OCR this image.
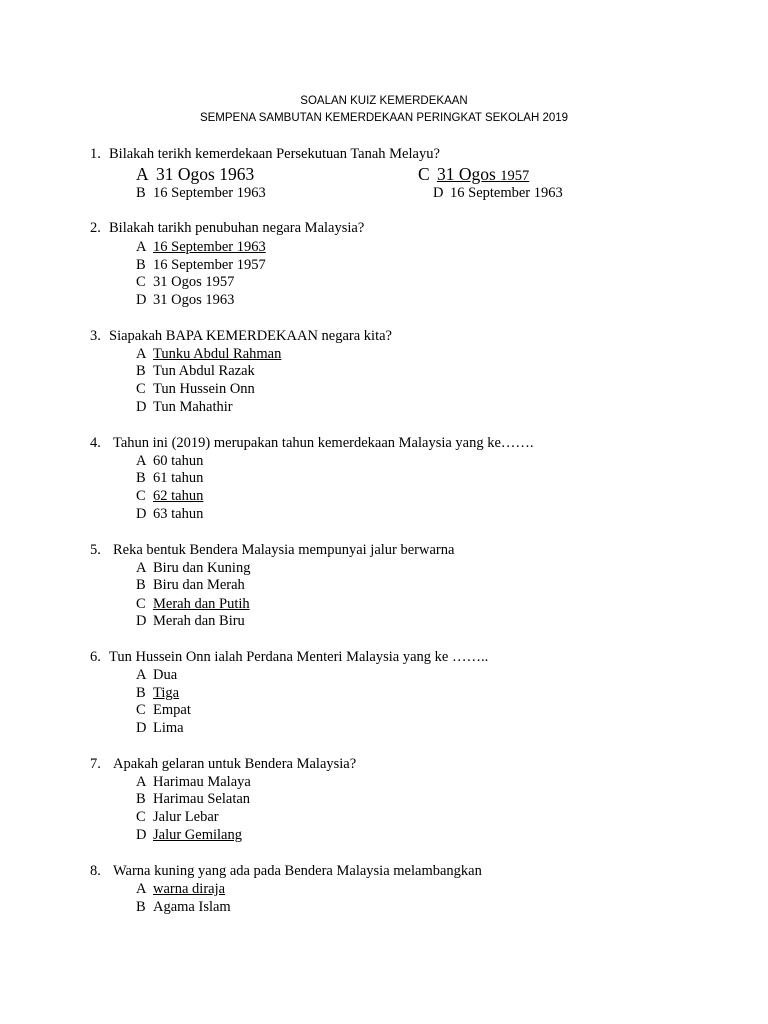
SOALAN KUIZ KEMERDEKAAN

SEMPENA SAMBUTAN KEMERDEKAAN PERINGKAT SEKOLAH 2019

1. Bilakah terikh kemerdekaan Persekutuan Tanah Melayu?
A 31 Ogos 1963	C 31 Ogos 1957
B 16 September 1963	D 16 September 1963
2. Bilakah tarikh penubuhan negara Malaysia?
A 16 September 1963
B 16 September 1957
C 31 Ogos 1957
D 31 Ogos 1963
3. Siapakah BAPA KEMERDEKAAN negara kita?
A Tunku Abdul Rahman
B Tun Abdul Razak
C Tun Hussein Onn
D Tun Mahathir
4. Tahun ini (2019) merupakan tahun kemerdekaan Malaysia yang ke…….
A 60 tahun
B 61 tahun
C 62 tahun
D 63 tahun
5. Reka bentuk Bendera Malaysia mempunyai jalur berwarna
A Biru dan Kuning
B Biru dan Merah
C Merah dan Putih
D Merah dan Biru
6. Tun Hussein Onn ialah Perdana Menteri Malaysia yang ke ……..
A Dua
B Tiga
C Empat
D Lima
7. Apakah gelaran untuk Bendera Malaysia?
A Harimau Malaya
B Harimau Selatan
C Jalur Lebar
D Jalur Gemilang
8. Warna kuning yang ada pada Bendera Malaysia melambangkan
A warna diraja
B Agama Islam
